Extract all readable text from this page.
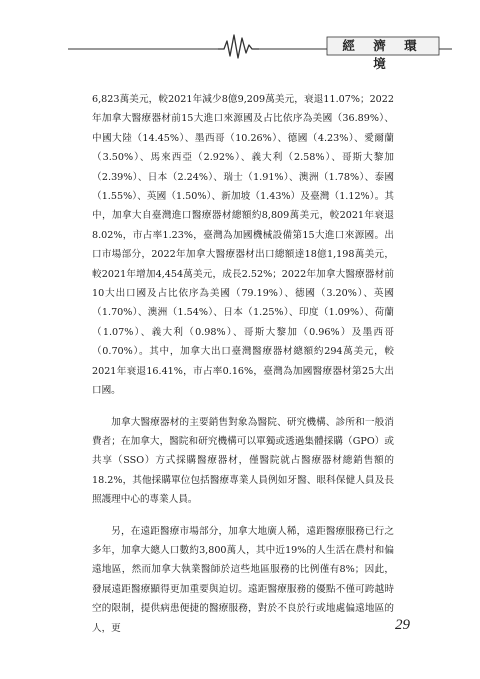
經 濟 環 境

6,823萬美元，較2021年減少8億9,209萬美元，衰退11.07%；2022年加拿大醫療器材前15大進口來源國及占比依序為美國（36.89%）、中國大陸（14.45%）、墨西哥（10.26%）、德國（4.23%）、愛爾蘭（3.50%）、馬來西亞（2.92%）、義大利（2.58%）、哥斯大黎加（2.39%）、日本（2.24%）、瑞士（1.91%）、澳洲（1.78%）、泰國（1.55%）、英國（1.50%）、新加坡（1.43%）及臺灣（1.12%）。其中，加拿大自臺灣進口醫療器材總額約8,809萬美元，較2021年衰退8.02%，市占率1.23%，臺灣為加國機械設備第15大進口來源國。出口市場部分，2022年加拿大醫療器材出口總額達18億1,198萬美元，較2021年增加4,454萬美元，成長2.52%；2022年加拿大醫療器材前10大出口國及占比依序為美國（79.19%）、德國（3.20%）、英國（1.70%）、澳洲（1.54%）、日本（1.25%）、印度（1.09%）、荷蘭（1.07%）、義大利（0.98%）、哥斯大黎加（0.96%）及墨西哥（0.70%）。其中，加拿大出口臺灣醫療器材總額約294萬美元，較2021年衰退16.41%，市占率0.16%，臺灣為加國醫療器材第25大出口國。

加拿大醫療器材的主要銷售對象為醫院、研究機構、診所和一般消費者；在加拿大，醫院和研究機構可以單獨或透過集體採購（GPO）或共享（SSO）方式採購醫療器材，僅醫院就占醫療器材總銷售額的18.2%，其他採購單位包括醫療專業人員例如牙醫、眼科保健人員及長照護理中心的專業人員。

另，在遠距醫療市場部分，加拿大地廣人稀，遠距醫療服務已行之多年，加拿大總人口數約3,800萬人，其中近19%的人生活在農村和偏遠地區，然而加拿大執業醫師於這些地區服務的比例僅有8%；因此，發展遠距醫療顯得更加重要與迫切。遠距醫療服務的優點不僅可跨越時空的限制，提供病患便捷的醫療服務，對於不良於行或地處偏遠地區的人，更	29
